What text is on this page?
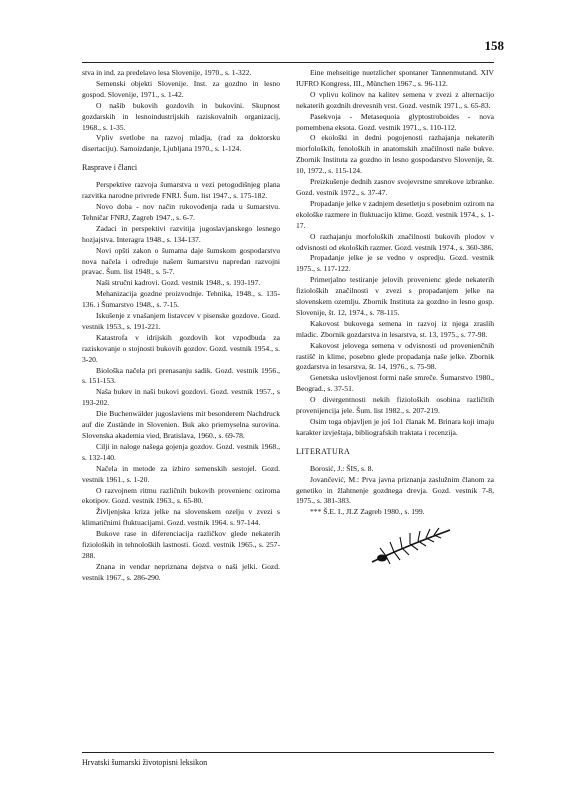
158

stva in ind. za predelavo lesa Slovenije, 1970., s. 1-322.

Semenski objekti Slovenije. Inst. za gozdno in lesno gospod. Slovenije, 1971., s. 1-42.

O našib bukovih gozdovih in bukovini. Skupnost gozdarskih in lesnoindustrijskih raziskovalnih organizacij, 1968., s. 1-35.

Vpliv svetlobe na razvoj mladja, (rad za doktorsku disertaciju). Samoizdanje, Ljubljana 1970., s. 1-124.

Rasprave i članci

Perspektive razvoja šumarstva u vezi petogodišnjeg plana razvitka narodne privrede FNRJ. Šum. list 1947., s. 175-182.

Novo doba - nov način rukovođenja rada u šumarstvu. Tehničar FNRJ, Zagreb 1947., s. 6-7.

Zadaci in perspektivi razvitija jugoslavjanskego lesnego hozjajstva. Interagra 1948., s. 134-137.

Novi opšti zakon o šumama daje šumskom gospodarstvu nova načela i određuje našem šumarstvu napredan razvojni pravac. Šum. list 1948., s. 5-7.

Naši stručni kadrovi. Gozd. vestnik 1948., s. 193-197.

Mehanizacija gozdne proizvodnje. Tehnika, 1948., s. 135-136. i Šumarstvo 1948., s. 7-15.

Iskušenje z vnašanjem listavcev v pisenske gozdove. Gozd. vestnik 1953., s. 191-221.

Katastrofa v idrijskih gozdovih kot vzpodbuda za raziskovanje o stojnosti bukovih gozdov. Gozd. vestnik 1954., s. 3-20.

Biološka načela pri prenasanju sadik. Gozd. vestnik 1956., s. 151-153.

Naša bukev in naši bukovi gozdovi. Gozd. vestnik 1957., s 193-202.

Die Buchenwälder jugoslaviens mit besonderem Nachdruck auf die Zustände in Slovenien. Buk ako priemyselna surovina. Slovenska akademia vied, Bratislava, 1960., s. 69-78.

Cilji in naloge našega gojenja gozdov. Gozd. vestnik 1968., s. 132-140.

Načela in metode za izbiro semenskih sestojel. Gozd. vestnik 1961., s. 1-20.

O razvojnem ritmu različnih bukovih provenienc oziroma ekotipov. Gozd. vestnik 1963., s. 65-80.

Življenjska kriza jelke na slovenskem ozelju v zvezi s klimatičnimi fluktuacijami. Gozd. vestnik 1964. s. 97-144.

Bukove rase in diferenciacija različkov glede nekaterih fizioloških in tehnoloških lastnosti. Gozd. vestnik 1965., s. 257-288.

Znana in vendar nepriznana dejstva o naši jelki. Gozd. vestnik 1967., s. 286-290.

Eine mehseitige nuetzlicher spontaner Tannenmutand. XIV IUFRO Kongress, III., München 1967., s. 96-112.

O vplivu kolinov na kalitev semena v zvezi z alternacijo nekaterih gozdnih drevesnih vrst. Gozd. vestnik 1971., s. 65-83.

Pasekvoja - Metasequoia glyptostroboides - nova pomembena eksota. Gozd. vestnik 1971., s. 110-112.

O ekološki in dedni pogojenosti razhajanja nekaterih morfoloških, fenoloških in anatomskih značilnosti naše bukve. Zbornik Instituta za gozdno in lesno gospodarstvo Slovenije, št. 10, 1972., s. 115-124.

Preizkušenje dednih zasnov svojevrstne smrekove izbranke. Gozd. vestnik 1972., s. 37-47.

Propadanje jelke v zadnjem desetletju s posebnim ozirom na ekološke razmere in fluktuacijo klime. Gozd. vestnik 1974., s. 1-17.

O razhajanju morfoloških značilnosti bukovih plodov v odvisnosti od ekoloških razmer. Gozd. vestnik 1974., s. 360-386.

Propadanje jelke je se vedno v ospredju. Gozd. vestnik 1975., s. 117-122.

Primerjalno testiranje jelovih provenienc glede nekaterih fizioloških značilnosti v zvezi s propadanjem jelke na slovenskem ozemlju. Zbornik Instituta za gozdno in lesno gosp. Slovenije, št. 12, 1974., s. 78-115.

Kakovost bukovega semena in razvoj iz njega zraslih mladic. Zbornik gozdarstva in lesarstva, st. 13, 1975., s. 77-98.

Kakovost jelovega semena v odvisnosti od provenienčnih rastišč in klime, posebno glede propadanja naše jelke. Zbornik gozdarstva in lesarstva, št. 14, 1976., s. 75-98.

Genetska uslovljenost formi naše smreče. Šumarstvo 1980., Beograd., s. 37-51.

O divergentnosti nekih fizioloških osobina različitih provenijencija jele. Šum. list 1982., s. 207-219.

Osim toga objavljen je još 1o1 članak M. Brinara koji imaju karakter izvještaja, bibliografskih traktata i recenzija.

LITERATURA

Borosić, J.: ŠIS, s. 8.

Jovančević, M.: Prva javna priznanja zaslužnim članom za genetiko in žlahtnenje gozdnega drevja. Gozd. vestnik 7-8, 1975., s. 381-383.

*** Š.E. I., JLZ Zagreb 1980., s. 199.

Hrvatski šumarski životopisni leksikon
